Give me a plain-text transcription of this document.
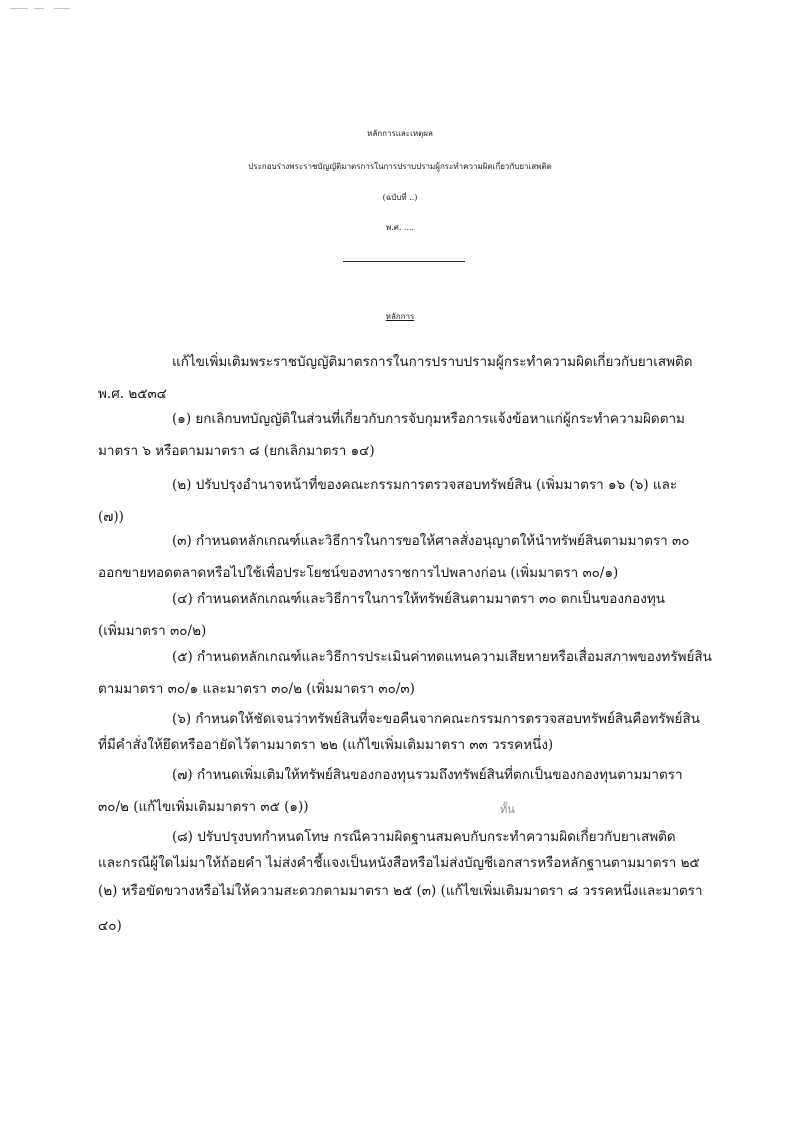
หลักการและเหตุผล
ประกอบร่างพระราชบัญญัติมาตรการในการปราบปรามผู้กระทำความผิดเกี่ยวกับยาเสพติด
(ฉบับที่ ..)
พ.ศ. ....
หลักการ
แก้ไขเพิ่มเติมพระราชบัญญัติมาตรการในการปราบปรามผู้กระทำความผิดเกี่ยวกับยาเสพติด
พ.ศ. ๒๕๓๔
(๑) ยกเลิกบทบัญญัติในส่วนที่เกี่ยวกับการจับกุมหรือการแจ้งข้อหาแก่ผู้กระทำความผิดตาม
มาตรา ๖ หรือตามมาตรา ๘ (ยกเลิกมาตรา ๑๔)
(๒) ปรับปรุงอำนาจหน้าที่ของคณะกรรมการตรวจสอบทรัพย์สิน (เพิ่มมาตรา ๑๖ (๖) และ
(๗))
(๓) กำหนดหลักเกณฑ์และวิธีการในการขอให้ศาลสั่งอนุญาตให้นำทรัพย์สินตามมาตรา ๓๐
ออกขายทอดตลาดหรือไปใช้เพื่อประโยชน์ของทางราชการไปพลางก่อน (เพิ่มมาตรา ๓๐/๑)
(๔) กำหนดหลักเกณฑ์และวิธีการในการให้ทรัพย์สินตามมาตรา ๓๐ ตกเป็นของกองทุน
(เพิ่มมาตรา ๓๐/๒)
(๕) กำหนดหลักเกณฑ์และวิธีการประเมินค่าทดแทนความเสียหายหรือเสื่อมสภาพของทรัพย์สิน
ตามมาตรา ๓๐/๑ และมาตรา ๓๐/๒ (เพิ่มมาตรา ๓๐/๓)
(๖) กำหนดให้ชัดเจนว่าทรัพย์สินที่จะขอคืนจากคณะกรรมการตรวจสอบทรัพย์สินคือทรัพย์สิน
ที่มีคำสั่งให้ยึดหรืออายัดไว้ตามมาตรา ๒๒ (แก้ไขเพิ่มเติมมาตรา ๓๓ วรรคหนึ่ง)
(๗) กำหนดเพิ่มเติมให้ทรัพย์สินของกองทุนรวมถึงทรัพย์สินที่ตกเป็นของกองทุนตามมาตรา
๓๐/๒ (แก้ไขเพิ่มเติมมาตรา ๓๕ (๑))	ทั้น
(๘) ปรับปรุงบทกำหนดโทษ กรณีความผิดฐานสมคบกับกระทำความผิดเกี่ยวกับยาเสพติด
และกรณีผู้ใดไม่มาให้ถ้อยคำ ไม่ส่งคำชี้แจงเป็นหนังสือหรือไม่ส่งบัญชีเอกสารหรือหลักฐานตามมาตรา ๒๕
(๒) หรือขัดขวางหรือไม่ให้ความสะดวกตามมาตรา ๒๕ (๓) (แก้ไขเพิ่มเติมมาตรา ๘ วรรคหนึ่งและมาตรา
๔๐)
